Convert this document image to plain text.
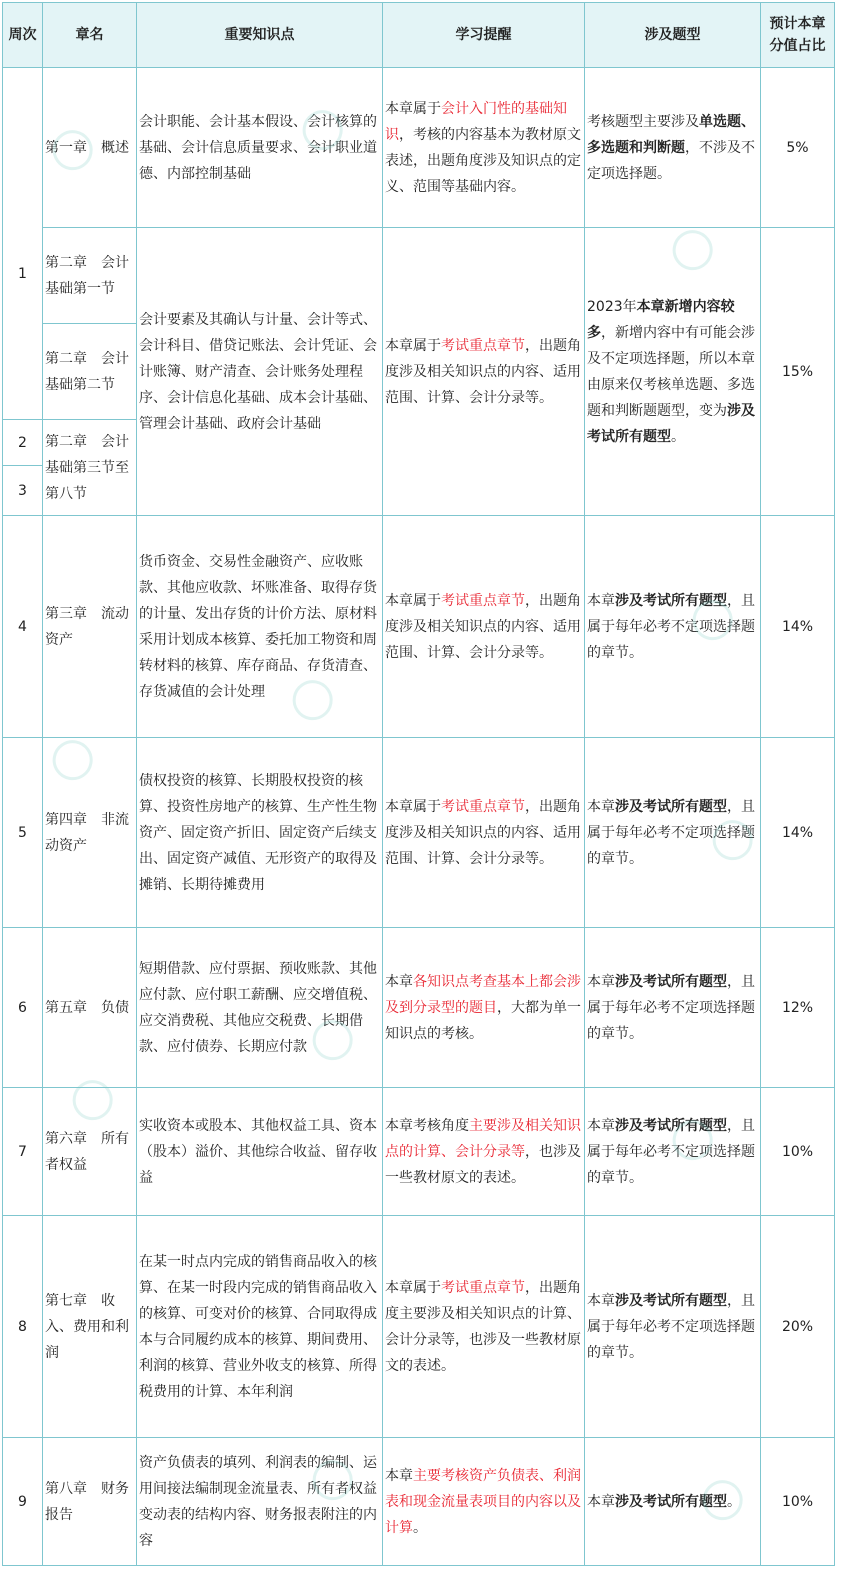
周次	章名	重要知识点	学习提醒	涉及题型	预计本章分值占比
1	第一章　概述	会计职能、会计基本假设、会计核算的基础、会计信息质量要求、会计职业道德、内部控制基础	本章属于会计入门性的基础知识，考核的内容基本为教材原文表述，出题角度涉及知识点的定义、范围等基础内容。	考核题型主要涉及单选题、多选题和判断题，不涉及不定项选择题。	5%
	第二章　会计基础第一节	会计要素及其确认与计量、会计等式、会计科目、借贷记账法、会计凭证、会计账簿、财产清查、会计账务处理程序、会计信息化基础、成本会计基础、管理会计基础、政府会计基础	本章属于考试重点章节，出题角度涉及相关知识点的内容、适用范围、计算、会计分录等。	2023年本章新增内容较多，新增内容中有可能会涉及不定项选择题，所以本章由原来仅考核单选题、多选题和判断题题型，变为涉及考试所有题型。	15%
	第二章　会计基础第二节				
2	第二章　会计基础第三节至第八节				
3					
4	第三章　流动资产	货币资金、交易性金融资产、应收账款、其他应收款、坏账准备、取得存货的计量、发出存货的计价方法、原材料采用计划成本核算、委托加工物资和周转材料的核算、库存商品、存货清查、存货减值的会计处理	本章属于考试重点章节，出题角度涉及相关知识点的内容、适用范围、计算、会计分录等。	本章涉及考试所有题型，且属于每年必考不定项选择题的章节。	14%
5	第四章　非流动资产	债权投资的核算、长期股权投资的核算、投资性房地产的核算、生产性生物资产、固定资产折旧、固定资产后续支出、固定资产减值、无形资产的取得及摊销、长期待摊费用	本章属于考试重点章节，出题角度涉及相关知识点的内容、适用范围、计算、会计分录等。	本章涉及考试所有题型，且属于每年必考不定项选择题的章节。	14%
6	第五章　负债	短期借款、应付票据、预收账款、其他应付款、应付职工薪酬、应交增值税、应交消费税、其他应交税费、长期借款、应付债券、长期应付款	本章各知识点考查基本上都会涉及到分录型的题目，大都为单一知识点的考核。	本章涉及考试所有题型，且属于每年必考不定项选择题的章节。	12%
7	第六章　所有者权益	实收资本或股本、其他权益工具、资本（股本）溢价、其他综合收益、留存收益	本章考核角度主要涉及相关知识点的计算、会计分录等，也涉及一些教材原文的表述。	本章涉及考试所有题型，且属于每年必考不定项选择题的章节。	10%
8	第七章　收入、费用和利润	在某一时点内完成的销售商品收入的核算、在某一时段内完成的销售商品收入的核算、可变对价的核算、合同取得成本与合同履约成本的核算、期间费用、利润的核算、营业外收支的核算、所得税费用的计算、本年利润	本章属于考试重点章节，出题角度主要涉及相关知识点的计算、会计分录等，也涉及一些教材原文的表述。	本章涉及考试所有题型，且属于每年必考不定项选择题的章节。	20%
9	第八章　财务报告	资产负债表的填列、利润表的编制、运用间接法编制现金流量表、所有者权益变动表的结构内容、财务报表附注的内容	本章主要考核资产负债表、利润表和现金流量表项目的内容以及计算。	本章涉及考试所有题型。	10%
